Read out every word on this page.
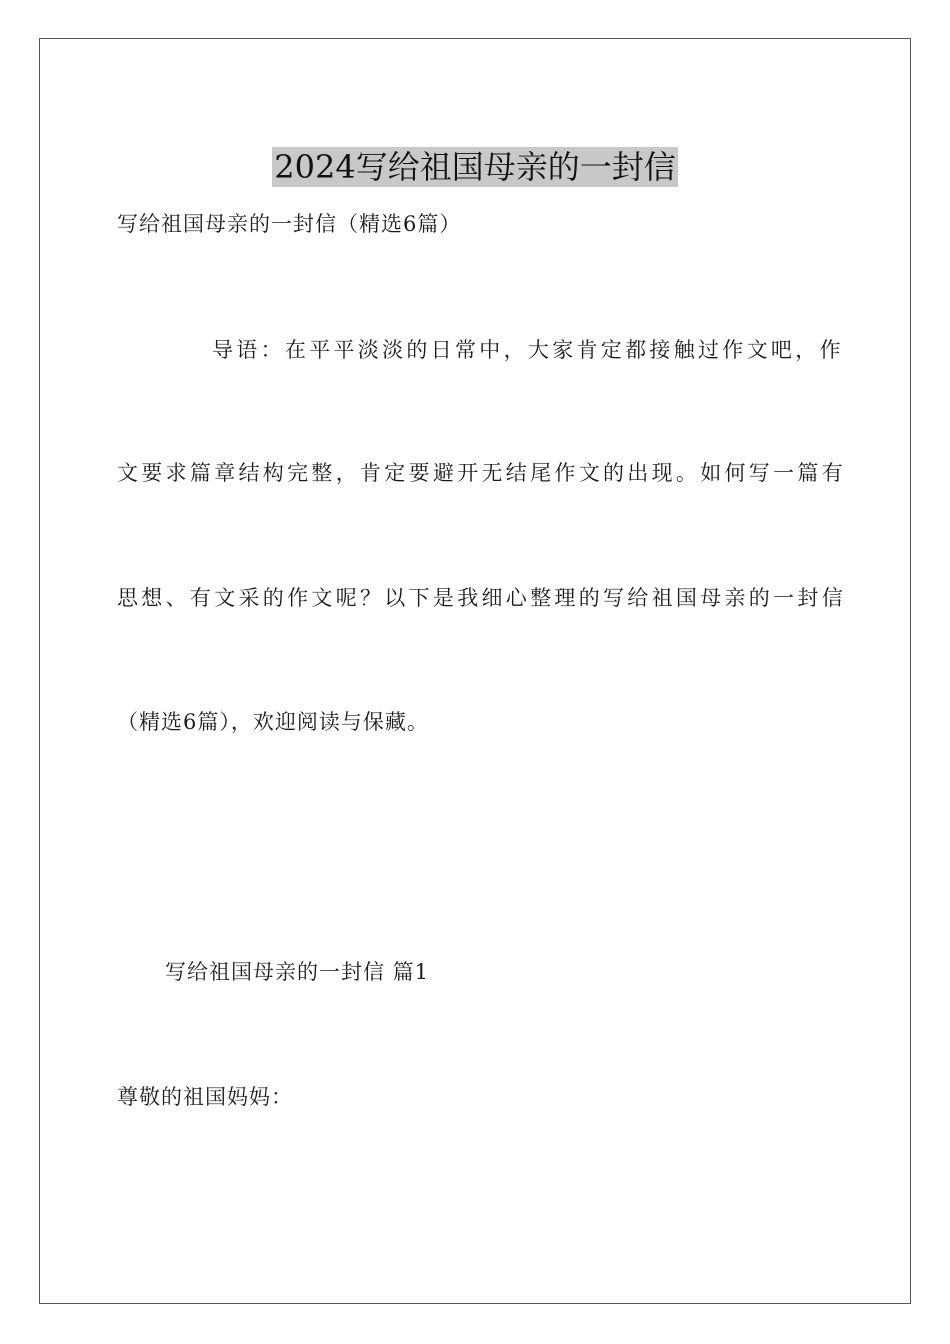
2024写给祖国母亲的一封信
写给祖国母亲的一封信（精选6篇）
导语：在平平淡淡的日常中，大家肯定都接触过作文吧，作
文要求篇章结构完整，肯定要避开无结尾作文的出现。如何写一篇有
思想、有文采的作文呢？以下是我细心整理的写给祖国母亲的一封信
（精选6篇），欢迎阅读与保藏。
写给祖国母亲的一封信 篇1
尊敬的祖国妈妈：
